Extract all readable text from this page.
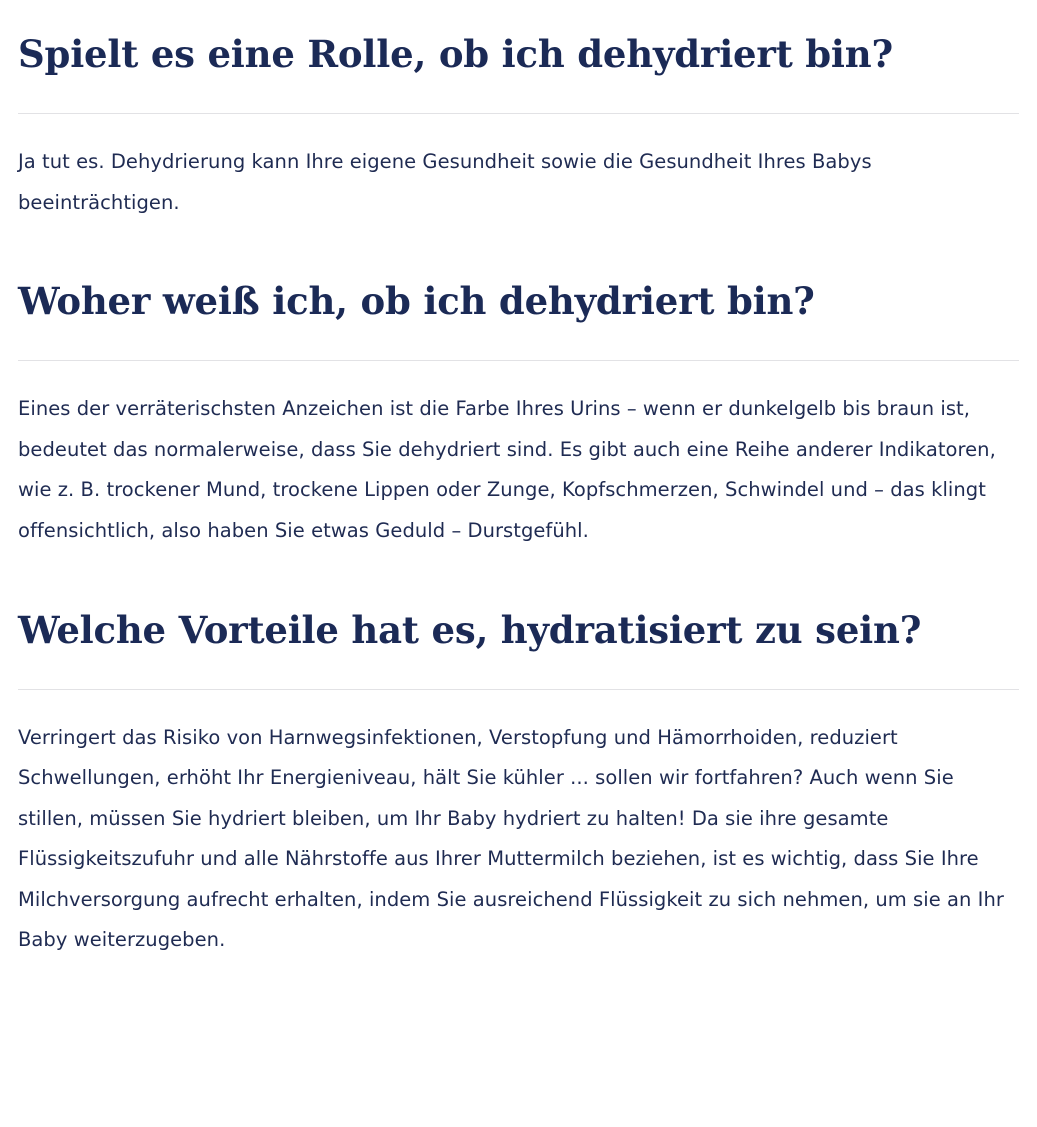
Spielt es eine Rolle, ob ich dehydriert bin?

Ja tut es. Dehydrierung kann Ihre eigene Gesundheit sowie die Gesundheit Ihres Babys beeinträchtigen.

Woher weiß ich, ob ich dehydriert bin?

Eines der verräterischsten Anzeichen ist die Farbe Ihres Urins – wenn er dunkelgelb bis braun ist, bedeutet das normalerweise, dass Sie dehydriert sind. Es gibt auch eine Reihe anderer Indikatoren, wie z. B. trockener Mund, trockene Lippen oder Zunge, Kopfschmerzen, Schwindel und – das klingt offensichtlich, also haben Sie etwas Geduld – Durstgefühl.

Welche Vorteile hat es, hydratisiert zu sein?

Verringert das Risiko von Harnwegsinfektionen, Verstopfung und Hämorrhoiden, reduziert Schwellungen, erhöht Ihr Energieniveau, hält Sie kühler ... sollen wir fortfahren? Auch wenn Sie stillen, müssen Sie hydriert bleiben, um Ihr Baby hydriert zu halten! Da sie ihre gesamte Flüssigkeitszufuhr und alle Nährstoffe aus Ihrer Muttermilch beziehen, ist es wichtig, dass Sie Ihre Milchversorgung aufrecht erhalten, indem Sie ausreichend Flüssigkeit zu sich nehmen, um sie an Ihr Baby weiterzugeben.
